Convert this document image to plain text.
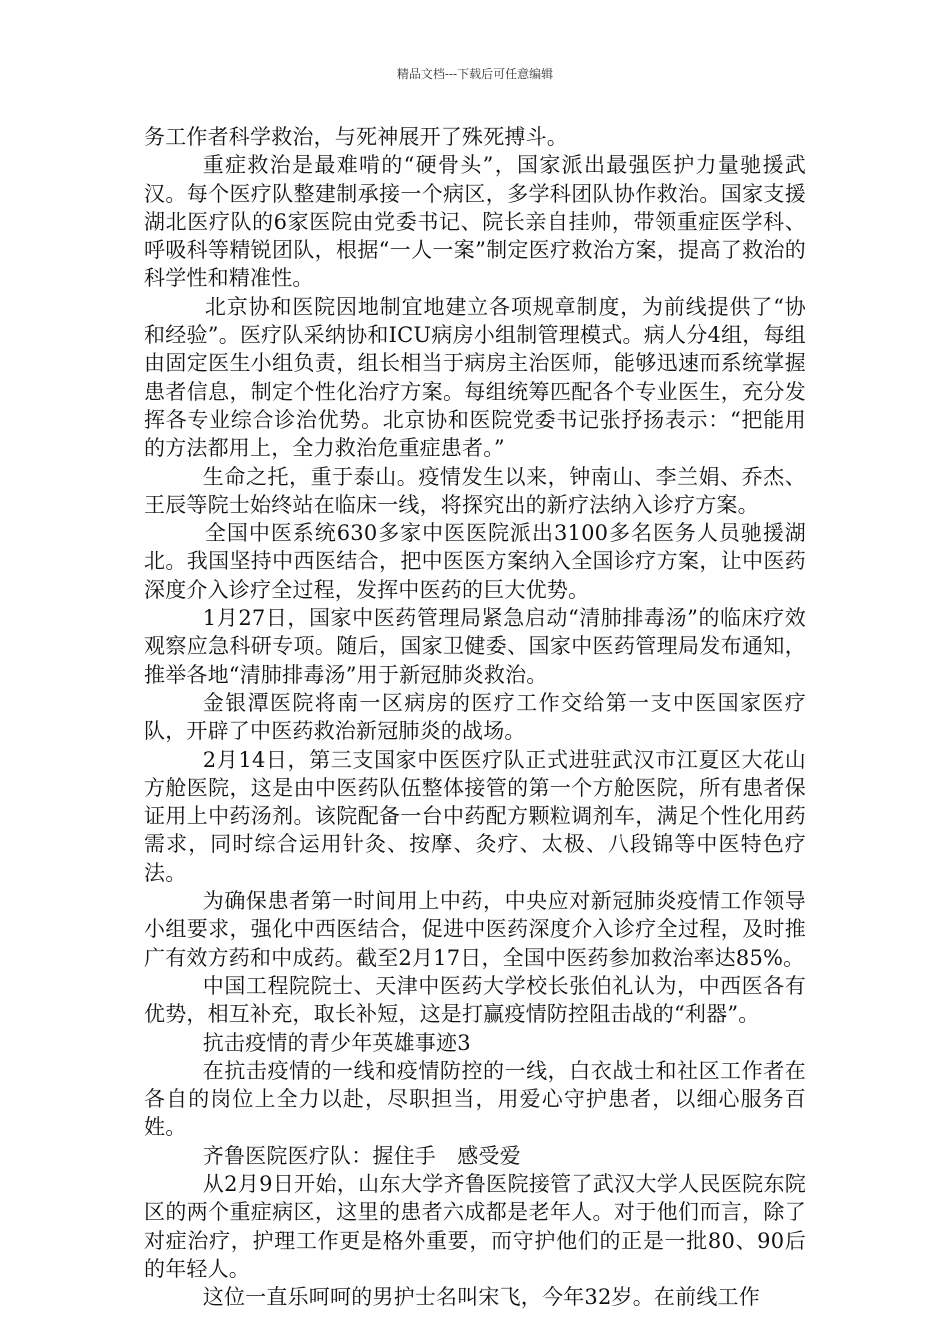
精品文档---下载后可任意编辑

务工作者科学救治，与死神展开了殊死搏斗。

重症救治是最难啃的“硬骨头”，国家派出最强医护力量驰援武汉。每个医疗队整建制承接一个病区，多学科团队协作救治。国家支援湖北医疗队的6家医院由党委书记、院长亲自挂帅，带领重症医学科、呼吸科等精锐团队，根据“一人一案”制定医疗救治方案，提高了救治的科学性和精准性。

北京协和医院因地制宜地建立各项规章制度，为前线提供了“协和经验”。医疗队采纳协和ICU病房小组制管理模式。病人分4组，每组由固定医生小组负责，组长相当于病房主治医师，能够迅速而系统掌握患者信息，制定个性化治疗方案。每组统筹匹配各个专业医生，充分发挥各专业综合诊治优势。北京协和医院党委书记张抒扬表示：“把能用的方法都用上，全力救治危重症患者。”

生命之托，重于泰山。疫情发生以来，钟南山、李兰娟、乔杰、王辰等院士始终站在临床一线，将探究出的新疗法纳入诊疗方案。

全国中医系统630多家中医医院派出3100多名医务人员驰援湖北。我国坚持中西医结合，把中医医方案纳入全国诊疗方案，让中医药深度介入诊疗全过程，发挥中医药的巨大优势。

1月27日，国家中医药管理局紧急启动“清肺排毒汤”的临床疗效观察应急科研专项。随后，国家卫健委、国家中医药管理局发布通知，推举各地“清肺排毒汤”用于新冠肺炎救治。

金银潭医院将南一区病房的医疗工作交给第一支中医国家医疗队，开辟了中医药救治新冠肺炎的战场。

2月14日，第三支国家中医医疗队正式进驻武汉市江夏区大花山方舱医院，这是由中医药队伍整体接管的第一个方舱医院，所有患者保证用上中药汤剂。该院配备一台中药配方颗粒调剂车，满足个性化用药需求，同时综合运用针灸、按摩、灸疗、太极、八段锦等中医特色疗法。

为确保患者第一时间用上中药，中央应对新冠肺炎疫情工作领导小组要求，强化中西医结合，促进中医药深度介入诊疗全过程，及时推广有效方药和中成药。截至2月17日，全国中医药参加救治率达85%。

中国工程院院士、天津中医药大学校长张伯礼认为，中西医各有优势，相互补充，取长补短，这是打赢疫情防控阻击战的“利器”。

抗击疫情的青少年英雄事迹3

在抗击疫情的一线和疫情防控的一线，白衣战士和社区工作者在各自的岗位上全力以赴，尽职担当，用爱心守护患者，以细心服务百姓。

齐鲁医院医疗队：握住手　感受爱

从2月9日开始，山东大学齐鲁医院接管了武汉大学人民医院东院区的两个重症病区，这里的患者六成都是老年人。对于他们而言，除了对症治疗，护理工作更是格外重要，而守护他们的正是一批80、90后的年轻人。

这位一直乐呵呵的男护士名叫宋飞，今年32岁。在前线工作
